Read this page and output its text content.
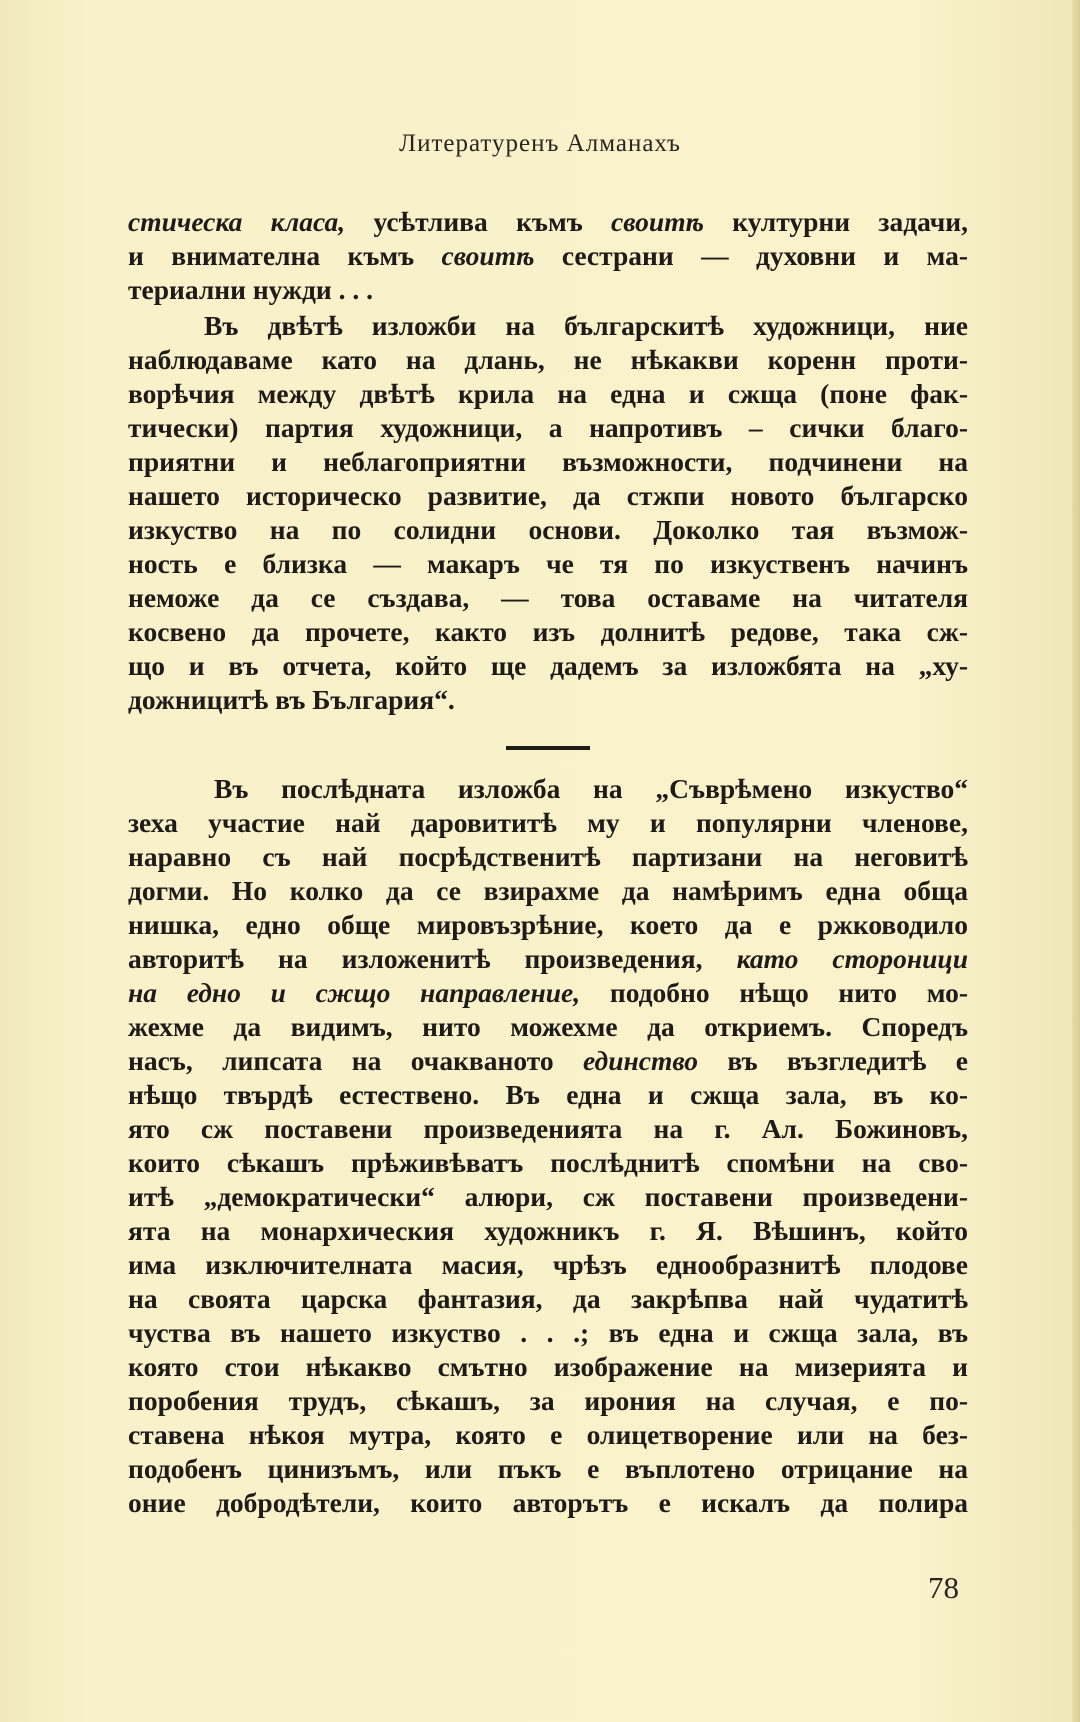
Литературенъ Алманахъ
стическа класа, усѣтлива къмъ своитѣ културни задачи,
и внимателна къмъ своитѣ сестрани — духовни и ма-
териални нужди . . .
Въ двѣтѣ изложби на българскитѣ художници, ние
наблюдаваме като на длань, не нѣкакви коренн проти-
ворѣчия между двѣтѣ крила на една и сжща (поне фак-
тически) партия художници, а напротивъ – сички благо-
приятни и неблагоприятни възможности, подчинени на
нашето историческо развитие, да стжпи новото българско
изкуство на по солидни основи. Доколко тая възмож-
ность е близка — макаръ че тя по изкуственъ начинъ
неможе да се създава, — това оставаме на читателя
косвено да прочете, както изъ долнитѣ редове, така сж-
що и въ отчета, който ще дадемъ за изложбята на „ху-
дожницитѣ въ България“.
Въ послѣдната изложба на „Съврѣмено изкуство“
зеха участие най даровититѣ му и популярни членове,
наравно съ най посрѣдственитѣ партизани на неговитѣ
догми. Но колко да се взирахме да намѣримъ една обща
нишка, едно обще мировъзрѣние, което да е ржководило
авторитѣ на изложенитѣ произведения, като стороници
на едно и сжщо направление, подобно нѣщо нито мо-
жехме да видимъ, нито можехме да откриемъ. Споредъ
насъ, липсата на очакваното единство въ възгледитѣ е
нѣщо твърдѣ естествено. Въ една и сжща зала, въ ко-
ято сж поставени произведенията на г. Ал. Божиновъ,
които сѣкашъ прѣживѣватъ послѣднитѣ спомѣни на сво-
итѣ „демократически“ алюри, сж поставени произведени-
ята на монархическия художникъ г. Я. Вѣшинъ, който
има изключителната масия, чрѣзъ еднообразнитѣ плодове
на своята царска фантазия, да закрѣпва най чудатитѣ
чуства въ нашето изкуство . . .; въ една и сжща зала, въ
която стои нѣкакво смътно изображение на мизерията и
поробения трудъ, сѣкашъ, за ирония на случая, е по-
ставена нѣкоя мутра, която е олицетворение или на без-
подобенъ цинизъмъ, или пъкъ е въплотено отрицание на
оние добродѣтели, които авторътъ е искалъ да полира
78
